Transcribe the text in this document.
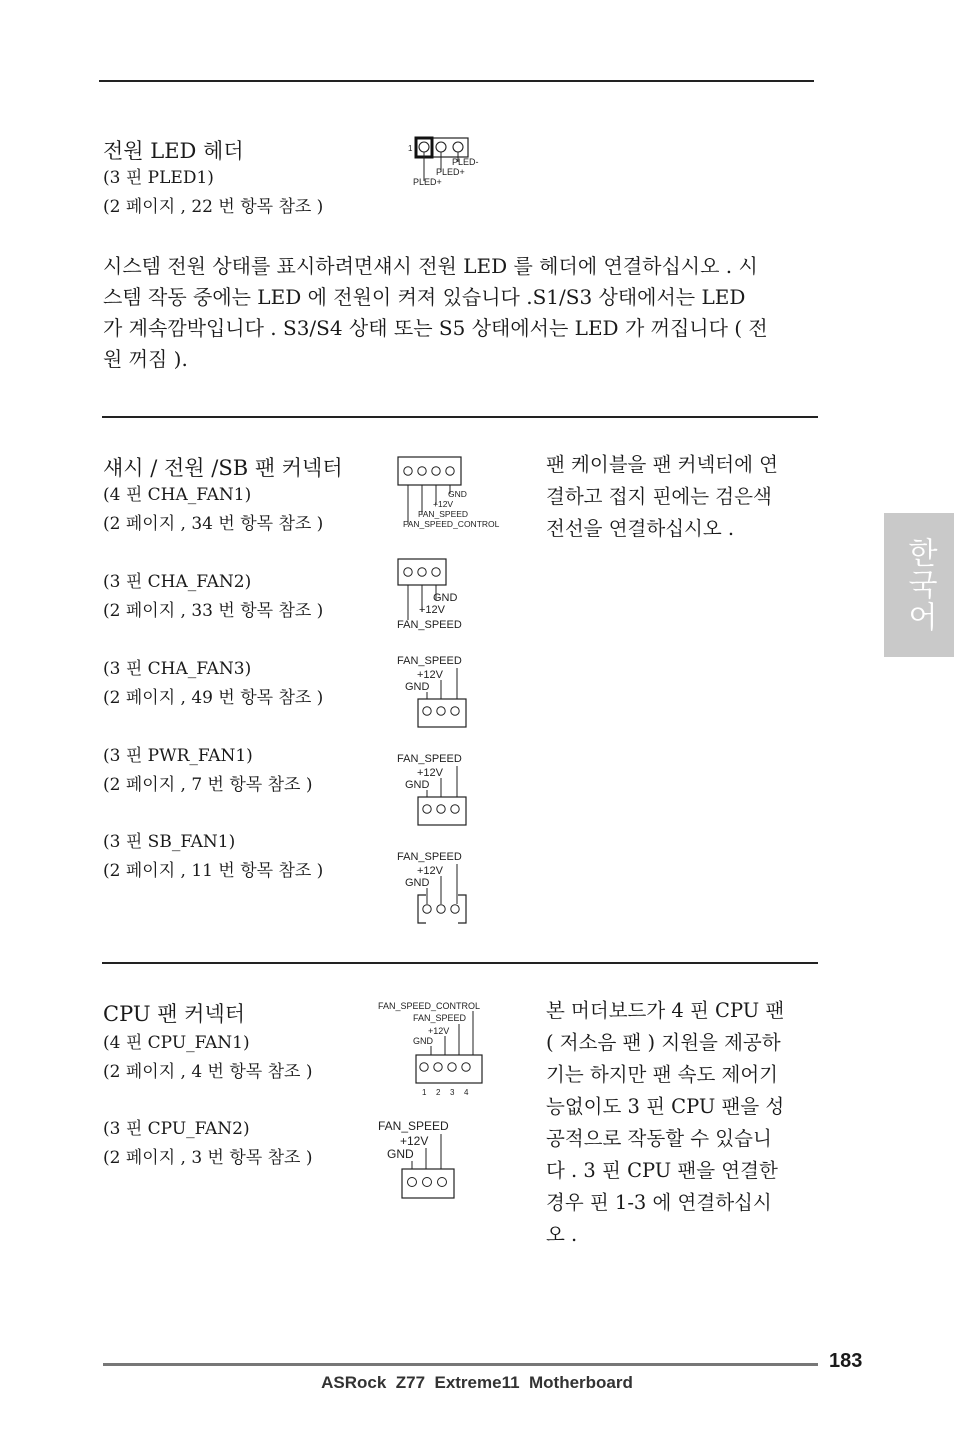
한국어
전원 LED 헤더
(3 핀 PLED1)
(2 페이지 , 22 번 항목 참조 )
1
PLED-
PLED+
PLED+
시스템 전원 상태를 표시하려면섀시 전원 LED 를 헤더에 연결하십시오 . 시
스템 작동 중에는 LED 에 전원이 켜져 있습니다 .S1/S3 상태에서는 LED
가 계속깜박입니다 . S3/S4 상태 또는 S5 상태에서는 LED 가 꺼집니다 ( 전
원 꺼짐 ).
섀시 / 전원 /SB 팬 커넥터
(4 핀 CHA_FAN1)
(2 페이지 , 34 번 항목 참조 )
(3 핀 CHA_FAN2)
(2 페이지 , 33 번 항목 참조 )
(3 핀 CHA_FAN3)
(2 페이지 , 49 번 항목 참조 )
(3 핀 PWR_FAN1)
(2 페이지 , 7 번 항목 참조 )
(3 핀 SB_FAN1)
(2 페이지 , 11 번 항목 참조 )
팬 케이블을 팬 커넥터에 연
결하고 접지 핀에는 검은색
전선을 연결하십시오 .
GND
+12V
FAN_SPEED
FAN_SPEED_CONTROL
GND
+12V
FAN_SPEED
FAN_SPEED
+12V
GND
FAN_SPEED
+12V
GND
FAN_SPEED
+12V
GND
CPU 팬 커넥터
(4 핀 CPU_FAN1)
(2 페이지 , 4 번 항목 참조 )
(3 핀 CPU_FAN2)
(2 페이지 , 3 번 항목 참조 )
본 머더보드가 4 핀 CPU 팬
( 저소음 팬 ) 지원을 제공하
기는 하지만 팬 속도 제어기
능없이도 3 핀 CPU 팬을 성
공적으로 작동할 수 있습니
다 . 3 핀 CPU 팬을 연결한
경우 핀 1-3 에 연결하십시
오 .
FAN_SPEED_CONTROL
FAN_SPEED
+12V
GND
1 2 3 4
FAN_SPEED
+12V
GND
183
ASRock  Z77  Extreme11  Motherboard
